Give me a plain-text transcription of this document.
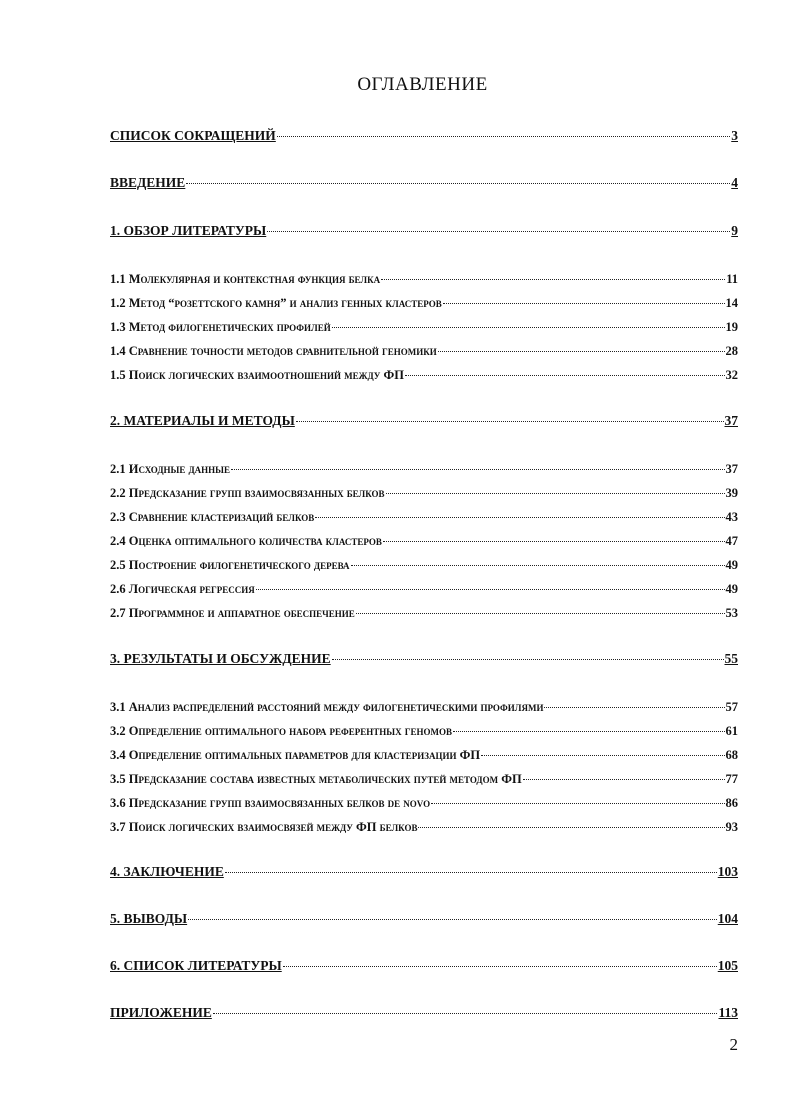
ОГЛАВЛЕНИЕ
СПИСОК СОКРАЩЕНИЙ	3
ВВЕДЕНИЕ	4
1. ОБЗОР ЛИТЕРАТУРЫ	9
1.1 Молекулярная и контекстная функция белка	11
1.2 Метод “розеттского камня” и анализ генных кластеров	14
1.3 Метод филогенетических профилей	19
1.4 Сравнение точности методов сравнительной геномики	28
1.5 Поиск логических взаимоотношений между ФП	32
2. МАТЕРИАЛЫ И МЕТОДЫ	37
2.1 Исходные данные	37
2.2 Предсказание групп взаимосвязанных белков	39
2.3 Сравнение кластеризаций белков	43
2.4 Оценка оптимального количества кластеров	47
2.5 Построение филогенетического дерева	49
2.6 Логическая регрессия	49
2.7 Программное и аппаратное обеспечение	53
3. РЕЗУЛЬТАТЫ И ОБСУЖДЕНИЕ	55
3.1 Анализ распределений расстояний между филогенетическими профилями	57
3.2 Определение оптимального набора референтных геномов	61
3.4 Определение оптимальных параметров для кластеризации ФП	68
3.5 Предсказание состава известных метаболических путей методом ФП	77
3.6 Предсказание групп взаимосвязанных белков de novo	86
3.7 Поиск логических взаимосвязей между ФП белков	93
4. ЗАКЛЮЧЕНИЕ	103
5. ВЫВОДЫ	104
6. СПИСОК ЛИТЕРАТУРЫ	105
ПРИЛОЖЕНИЕ	113
2
